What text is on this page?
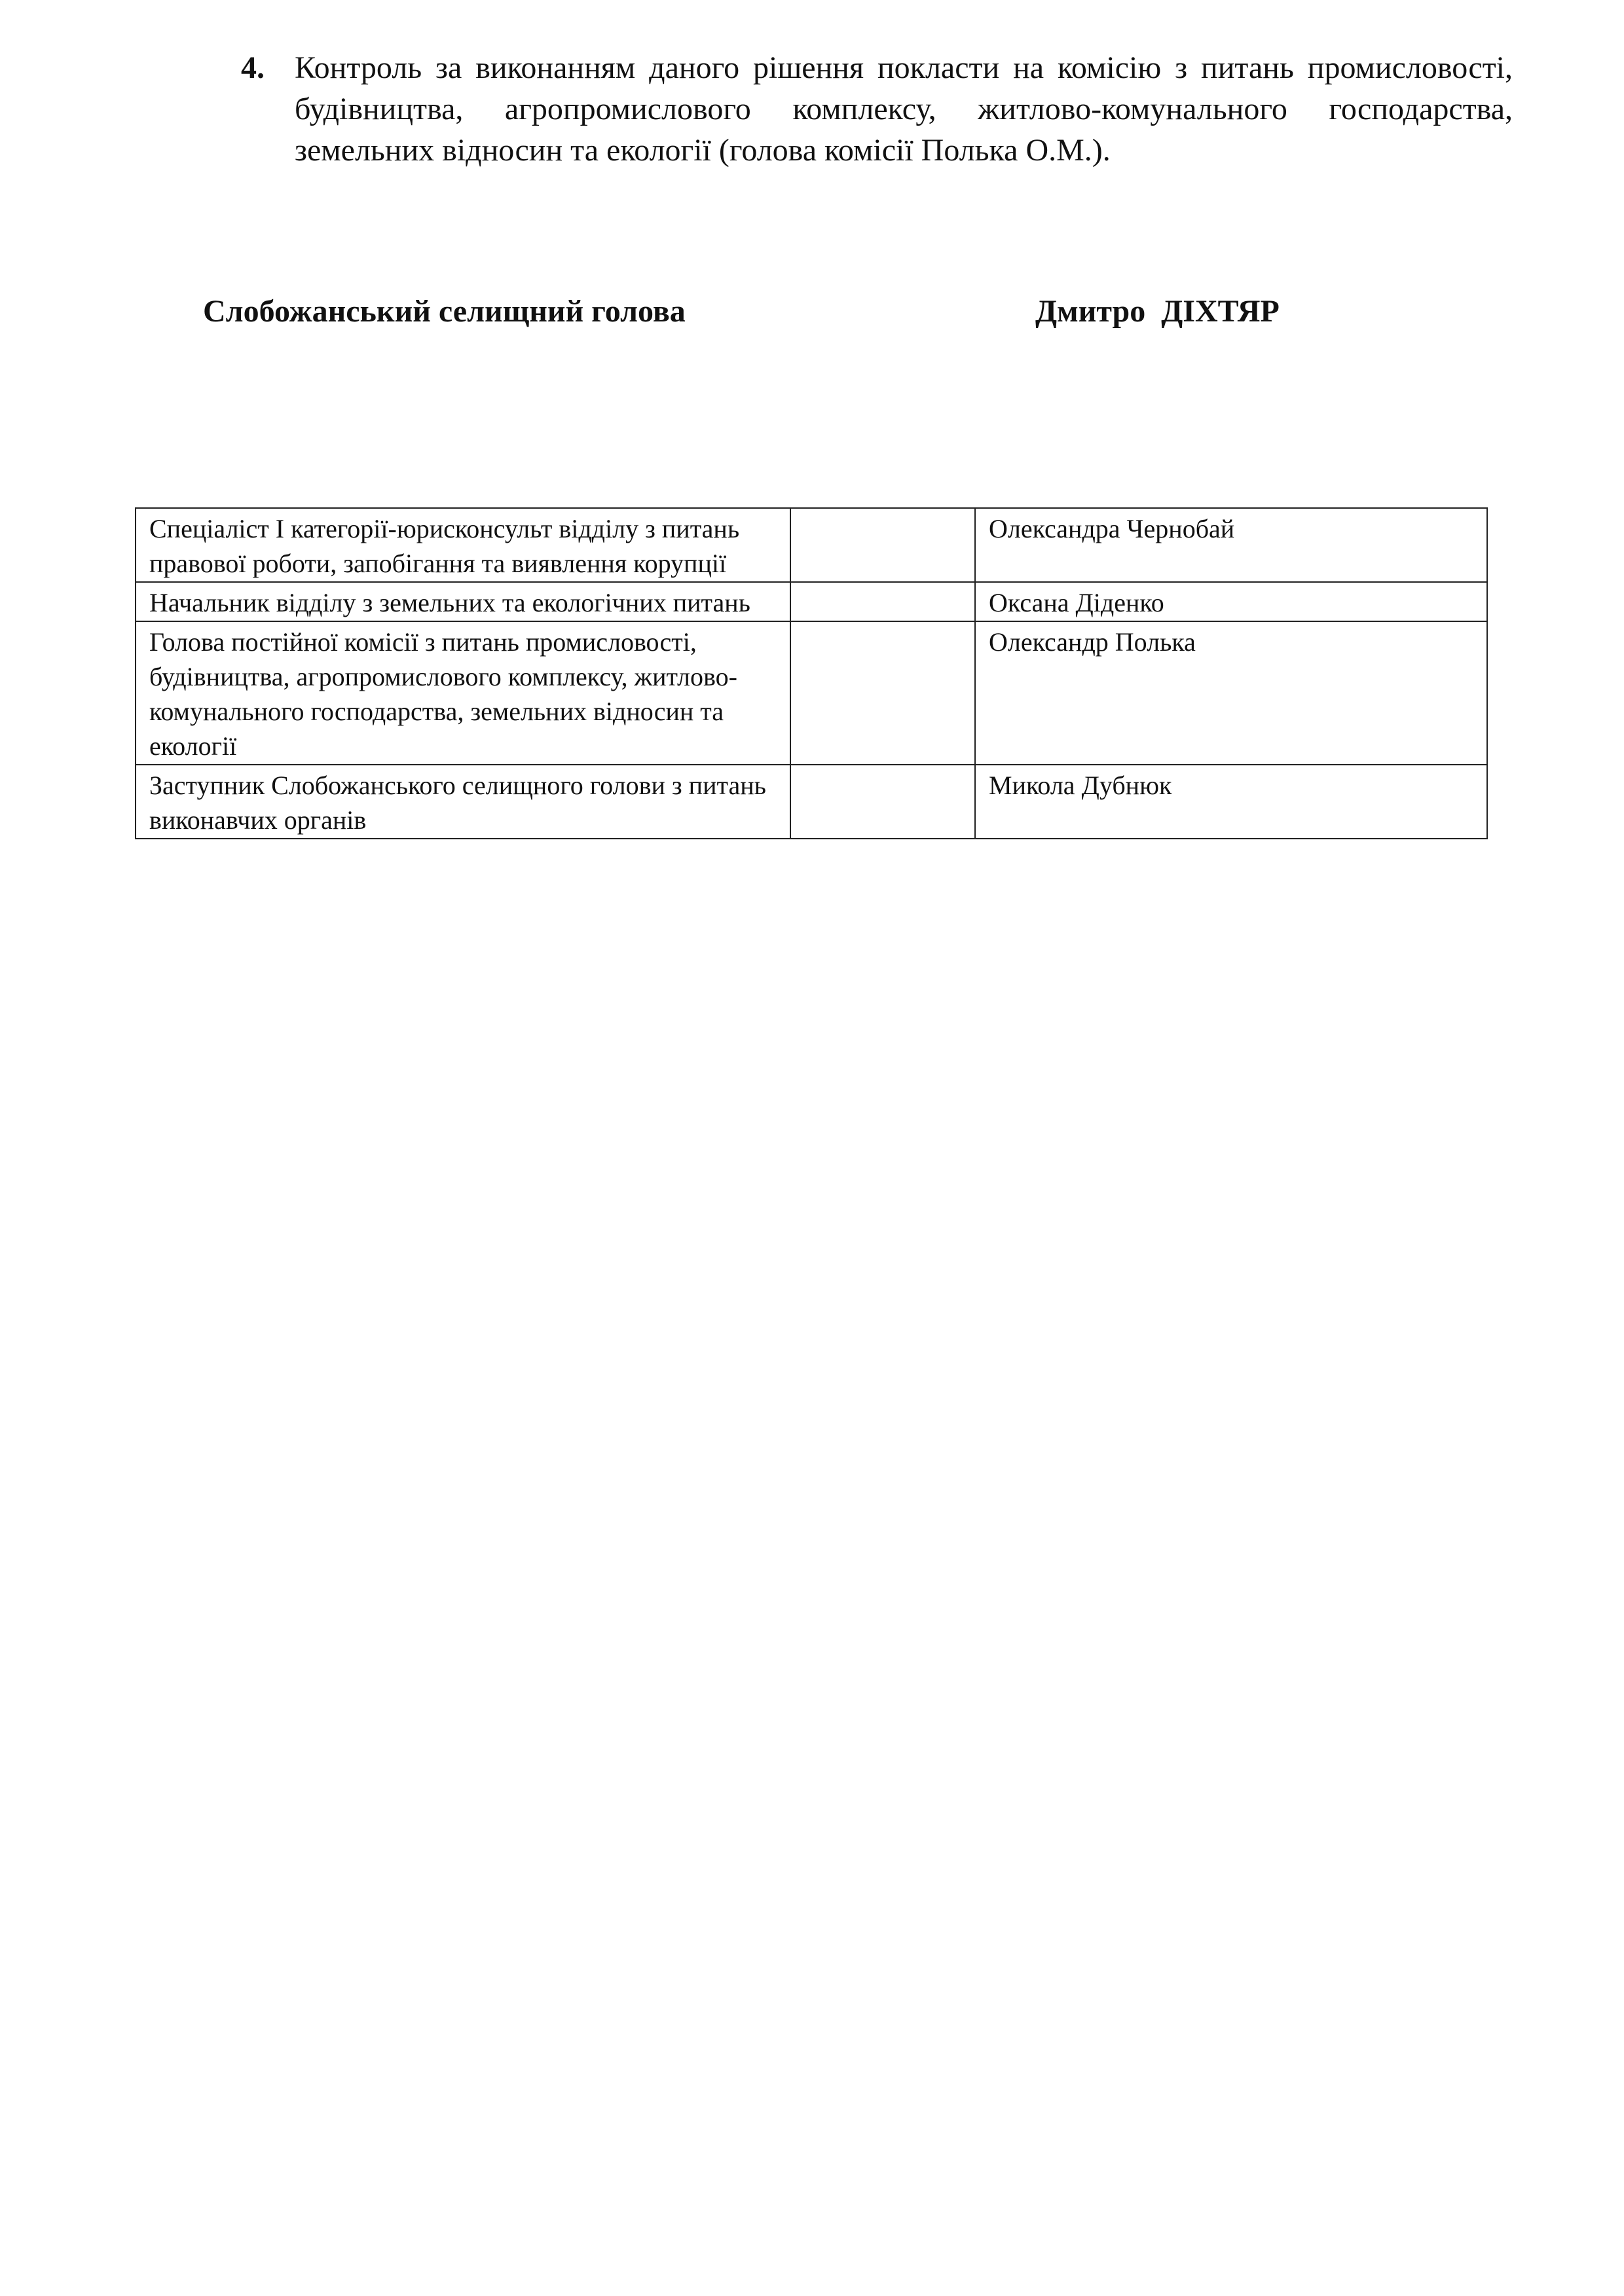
4. Контроль за виконанням даного рішення покласти на комісію з питань промисловості, будівництва, агропромислового комплексу, житлово-комунального господарства, земельних відносин та екології (голова комісії Полька О.М.).
Слобожанський селищний голова	Дмитро  ДІХТЯР
Спеціаліст І категорії-юрисконсульт відділу з питань правової роботи, запобігання та виявлення корупції		Олександра Чернобай
Начальник відділу з земельних та екологічних питань		Оксана Діденко
Голова постійної комісії з питань промисловості, будівництва, агропромислового комплексу, житлово-комунального господарства, земельних відносин та екології		Олександр Полька
Заступник Слобожанського селищного голови з питань виконавчих органів		Микола Дубнюк
